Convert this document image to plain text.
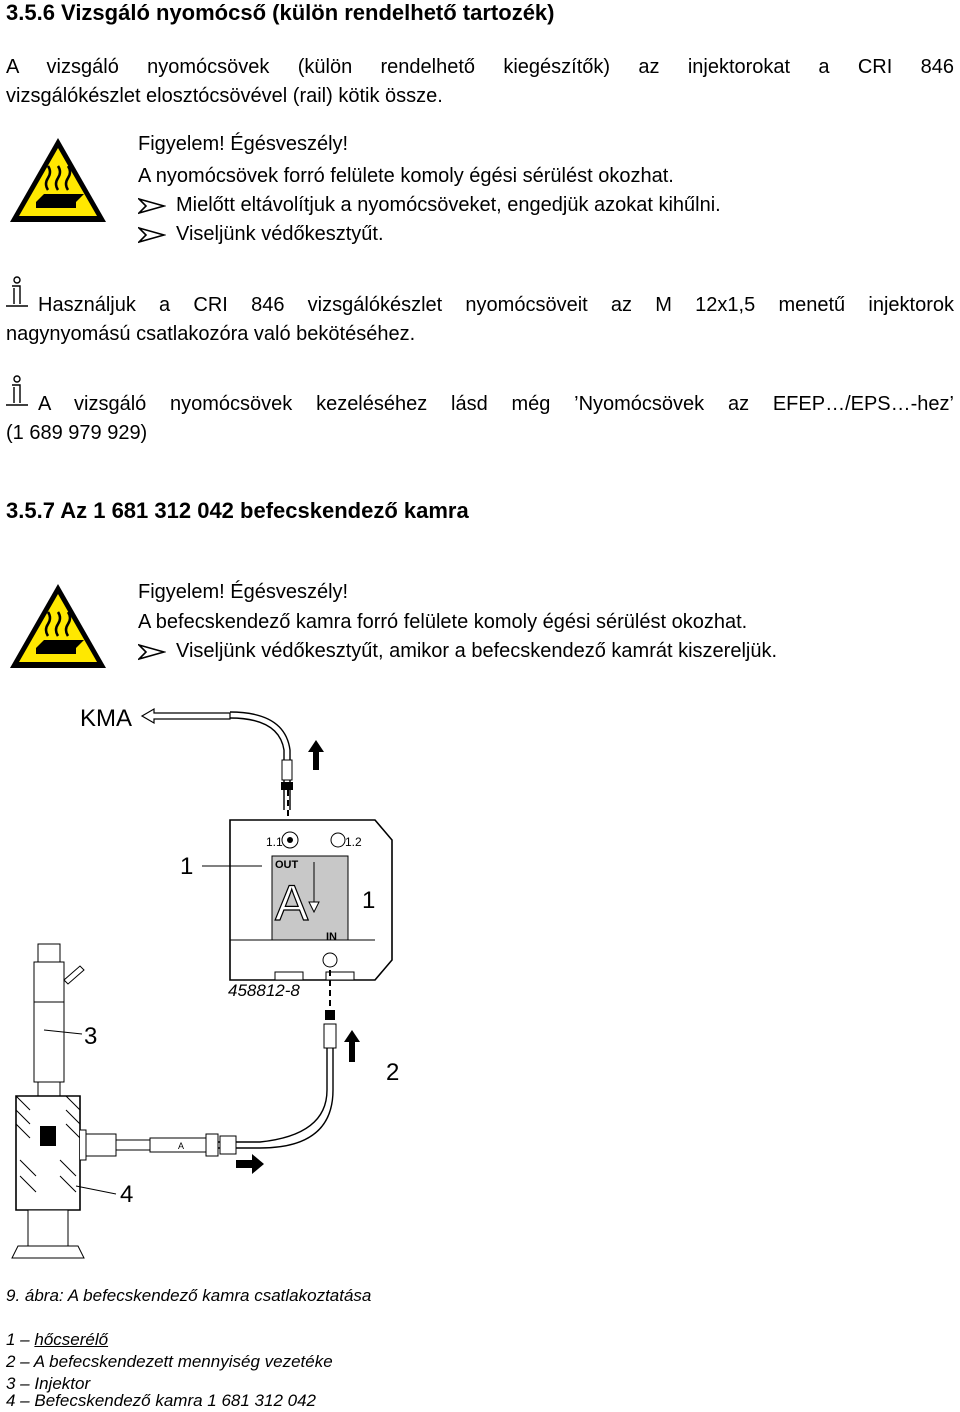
3.5.6 Vizsgáló nyomócső (külön rendelhető tartozék)

A vizsgáló nyomócsövek (külön rendelhető kiegészítők) az injektorokat a CRI 846

vizsgálókészlet elosztócsövével (rail) kötik össze.

Figyelem! Égésveszély!
A nyomócsövek forró felülete komoly égési sérülést okozhat.
Mielőtt eltávolítjuk a nyomócsöveket, engedjük azokat kihűlni.
Viseljünk védőkesztyűt.

Használjuk a CRI 846 vizsgálókészlet nyomócsöveit az M 12x1,5 menetű injektorok

nagynyomású csatlakozóra való bekötéséhez.

A vizsgáló nyomócsövek kezeléséhez lásd még ’Nyomócsövek az EFEP…/EPS…-hez’

(1 689 979 929)

3.5.7 Az 1 681 312 042 befecskendező kamra

Figyelem! Égésveszély!
A befecskendező kamra forró felülete komoly égési sérülést okozhat.
Viseljünk védőkesztyűt, amikor a befecskendező kamrát kiszereljük.
KMA
1.1	1.2
OUT
A
IN
458812-8
1
1
2
A
3
4

9. ábra: A befecskendező kamra csatlakoztatása

1 – hőcserélő
2 – A befecskendezett mennyiség vezetéke
3 – Injektor
4 – Befecskendező kamra 1 681 312 042
